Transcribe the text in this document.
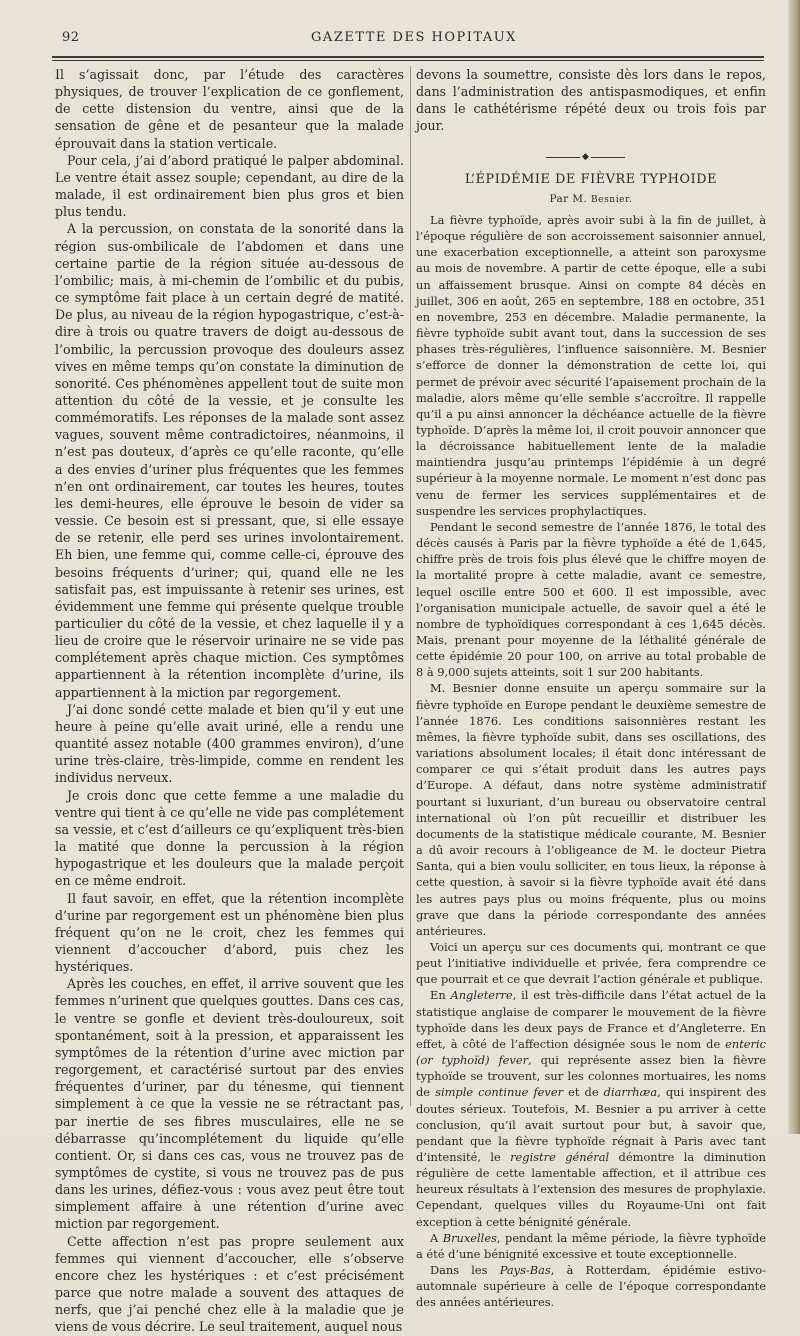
92	GAZETTE DES HOPITAUX

Il s’agissait donc, par l’étude des caractères physiques, de trouver l’explication de ce gonflement, de cette distension du ventre, ainsi que de la sensation de gêne et de pesanteur que la malade éprouvait dans la station verticale.

Pour cela, j’ai d’abord pratiqué le palper abdominal. Le ventre était assez souple; cependant, au dire de la malade, il est ordinairement bien plus gros et bien plus tendu.

A la percussion, on constata de la sonorité dans la région sus-ombilicale de l’abdomen et dans une certaine partie de la région située au-dessous de l’ombilic; mais, à mi-chemin de l’ombilic et du pubis, ce symptôme fait place à un certain degré de matité. De plus, au niveau de la région hypogastrique, c’est-à-dire à trois ou quatre travers de doigt au-dessous de l’ombilic, la percussion provoque des douleurs assez vives en même temps qu’on constate la diminution de sonorité. Ces phénomènes appellent tout de suite mon attention du côté de la vessie, et je consulte les commémoratifs. Les réponses de la malade sont assez vagues, souvent même contradictoires, néanmoins, il n’est pas douteux, d’après ce qu’elle raconte, qu’elle a des envies d’uriner plus fréquentes que les femmes n’en ont ordinairement, car toutes les heures, toutes les demi-heures, elle éprouve le besoin de vider sa vessie. Ce besoin est si pressant, que, si elle essaye de se retenir, elle perd ses urines involontairement. Eh bien, une femme qui, comme celle-ci, éprouve des besoins fréquents d’uriner; qui, quand elle ne les satisfait pas, est impuissante à retenir ses urines, est évidemment une femme qui présente quelque trouble particulier du côté de la vessie, et chez laquelle il y a lieu de croire que le réservoir urinaire ne se vide pas complétement après chaque miction. Ces symptômes appartiennent à la rétention incomplète d’urine, ils appartiennent à la miction par regorgement.

J’ai donc sondé cette malade et bien qu’il y eut une heure à peine qu’elle avait uriné, elle a rendu une quantité assez notable (400 grammes environ), d’une urine très-claire, très-limpide, comme en rendent les individus nerveux.

Je crois donc que cette femme a une maladie du ventre qui tient à ce qu’elle ne vide pas complétement sa vessie, et c’est d’ailleurs ce qu’expliquent très-bien la matité que donne la percussion à la région hypogastrique et les douleurs que la malade perçoit en ce même endroit.

Il faut savoir, en effet, que la rétention incomplète d’urine par regorgement est un phénomène bien plus fréquent qu’on ne le croit, chez les femmes qui viennent d’accoucher d’abord, puis chez les hystériques.

Après les couches, en effet, il arrive souvent que les femmes n’urinent que quelques gouttes. Dans ces cas, le ventre se gonfle et devient très-douloureux, soit spontanément, soit à la pression, et apparaissent les symptômes de la rétention d’urine avec miction par regorgement, et caractérisé surtout par des envies fréquentes d’uriner, par du ténesme, qui tiennent simplement à ce que la vessie ne se rétractant pas, par inertie de ses fibres musculaires, elle ne se débarrasse qu’incomplétement du liquide qu’elle contient. Or, si dans ces cas, vous ne trouvez pas de symptômes de cystite, si vous ne trouvez pas de pus dans les urines, défiez-vous : vous avez peut être tout simplement affaire à une rétention d’urine avec miction par regorgement.

Cette affection n’est pas propre seulement aux femmes qui viennent d’accoucher, elle s’observe encore chez les hystériques : et c’est précisément parce que notre malade a souvent des attaques de nerfs, que j’ai penché chez elle à la maladie que je viens de vous décrire. Le seul traitement, auquel nous

devons la soumettre, consiste dès lors dans le repos, dans l’administration des antispasmodiques, et enfin dans le cathétérisme répété deux ou trois fois par jour.

◆
L’ÉPIDÉMIE DE FIÈVRE TYPHOIDE
Par M. Besnier.

La fièvre typhoïde, après avoir subi à la fin de juillet, à l’époque régulière de son accroissement saisonnier annuel, une exacerbation exceptionnelle, a atteint son paroxysme au mois de novembre. A partir de cette époque, elle a subi un affaissement brusque. Ainsi on compte 84 décès en juillet, 306 en août, 265 en septembre, 188 en octobre, 351 en novembre, 253 en décembre. Maladie permanente, la fièvre typhoïde subit avant tout, dans la succession de ses phases très-régulières, l’influence saisonnière. M. Besnier s’efforce de donner la démonstration de cette loi, qui permet de prévoir avec sécurité l’apaisement prochain de la maladie, alors même qu’elle semble s’accroître. Il rappelle qu’il a pu ainsi annoncer la déchéance actuelle de la fièvre typhoïde. D’après la même loi, il croit pouvoir annoncer que la décroissance habituellement lente de la maladie maintiendra jusqu’au printemps l’épidémie à un degré supérieur à la moyenne normale. Le moment n’est donc pas venu de fermer les services supplémentaires et de suspendre les services prophylactiques.

Pendant le second semestre de l’année 1876, le total des décès causés à Paris par la fièvre typhoïde a été de 1,645, chiffre près de trois fois plus élevé que le chiffre moyen de la mortalité propre à cette maladie, avant ce semestre, lequel oscille entre 500 et 600. Il est impossible, avec l’organisation municipale actuelle, de savoir quel a été le nombre de typhoïdiques correspondant à ces 1,645 décès. Mais, prenant pour moyenne de la léthalité générale de cette épidémie 20 pour 100, on arrive au total probable de 8 à 9,000 sujets atteints, soit 1 sur 200 habitants.

M. Besnier donne ensuite un aperçu sommaire sur la fièvre typhoïde en Europe pendant le deuxième semestre de l’année 1876. Les conditions saisonnières restant les mêmes, la fièvre typhoïde subit, dans ses oscillations, des variations absolument locales; il était donc intéressant de comparer ce qui s’était produit dans les autres pays d’Europe. A défaut, dans notre système administratif pourtant si luxuriant, d’un bureau ou observatoire central international où l’on pût recueillir et distribuer les documents de la statistique médicale courante, M. Besnier a dû avoir recours à l’obligeance de M. le docteur Pietra Santa, qui a bien voulu solliciter, en tous lieux, la réponse à cette question, à savoir si la fièvre typhoïde avait été dans les autres pays plus ou moins fréquente, plus ou moins grave que dans la période correspondante des années antérieures.

Voici un aperçu sur ces documents qui, montrant ce que peut l’initiative individuelle et privée, fera comprendre ce que pourrait et ce que devrait l’action générale et publique.

En Angleterre, il est très-difficile dans l’état actuel de la statistique anglaise de comparer le mouvement de la fièvre typhoïde dans les deux pays de France et d’Angleterre. En effet, à côté de l’affection désignée sous le nom de enteric (or typhoïd) fever, qui représente assez bien la fièvre typhoïde se trouvent, sur les colonnes mortuaires, les noms de simple continue fever et de diarrhæa, qui inspirent des doutes sérieux. Toutefois, M. Besnier a pu arriver à cette conclusion, qu’il avait surtout pour but, à savoir que, pendant que la fièvre typhoïde régnait à Paris avec tant d’intensité, le registre général démontre la diminution régulière de cette lamentable affection, et il attribue ces heureux résultats à l’extension des mesures de prophylaxie. Cependant, quelques villes du Royaume-Uni ont fait exception à cette bénignité générale.

A Bruxelles, pendant la même période, la fièvre typhoïde a été d’une bénignité excessive et toute exceptionnelle.

Dans les Pays-Bas, à Rotterdam, épidémie estivo-automnale supérieure à celle de l’époque correspondante des années antérieures.
